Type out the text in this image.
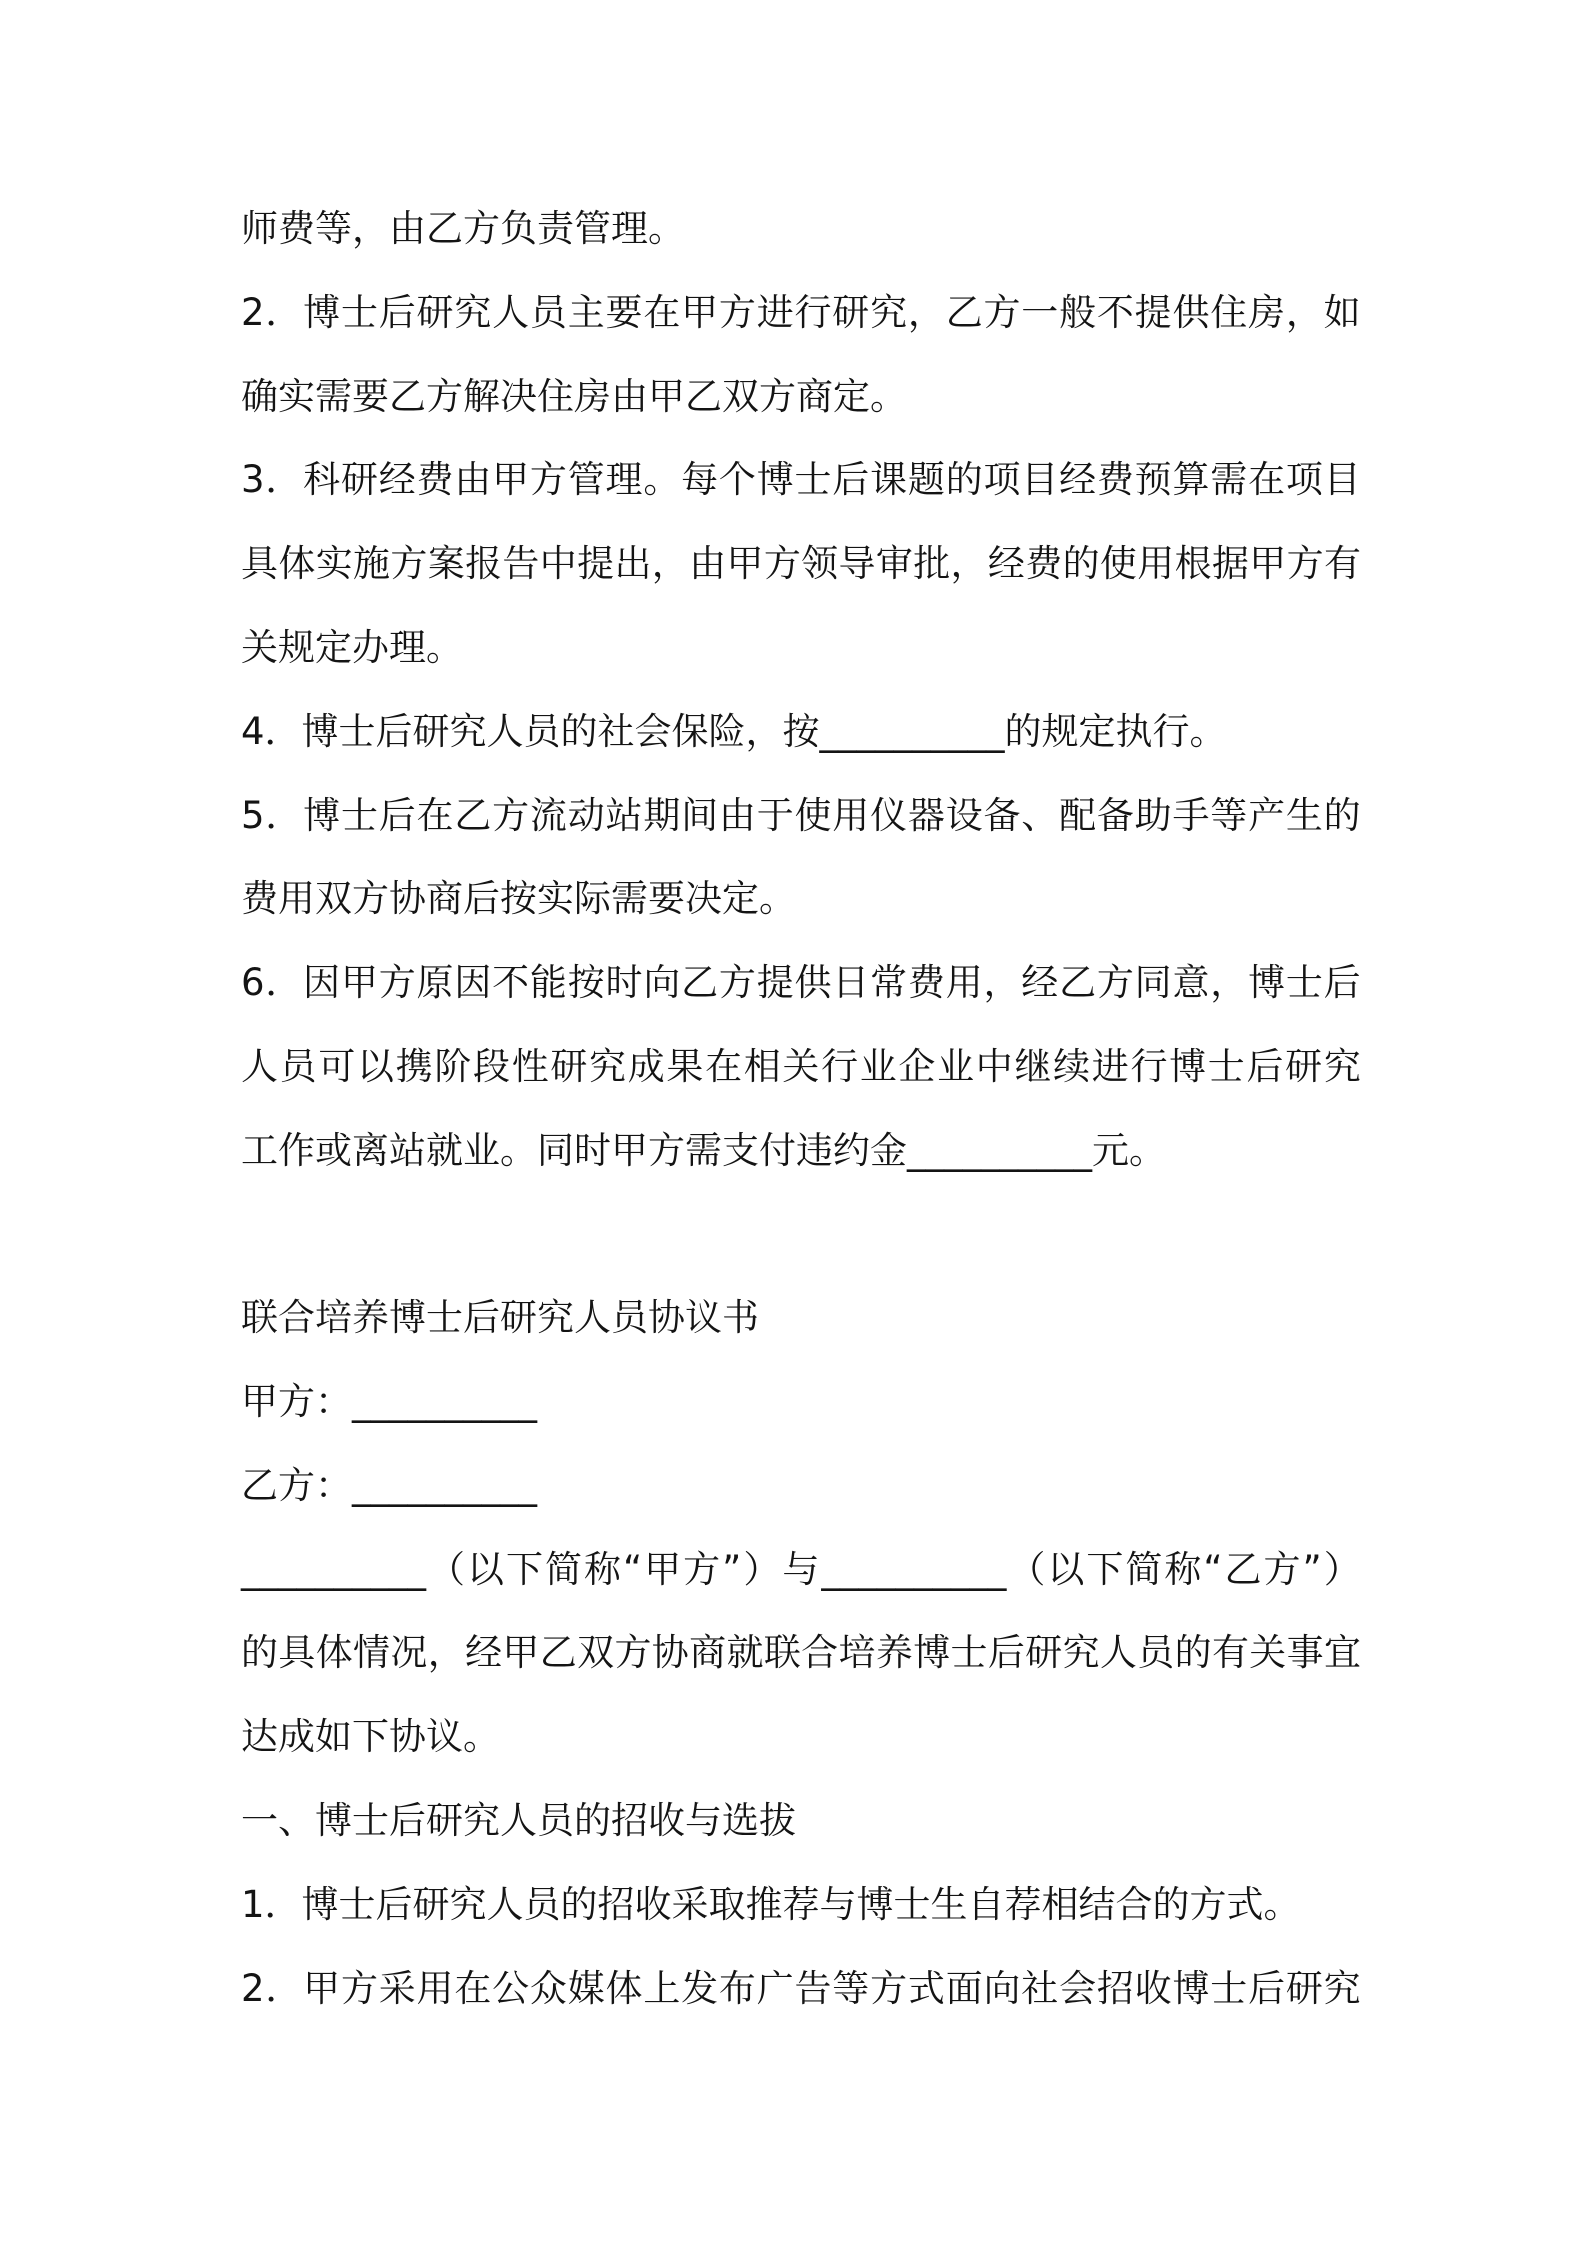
师费等，由乙方负责管理。
2 ． 博 士 后 研 究 人 员 主 要 在 甲 方 进 行 研 究 ， 乙 方 一 般 不 提 供 住 房 ， 如
确实需要乙方解决住房由甲乙双方商定。
3 ． 科 研 经 费 由 甲 方 管 理 。 每 个 博 士 后 课 题 的 项 目 经 费 预 算 需 在 项 目
具 体 实 施 方 案 报 告 中 提 出 ， 由 甲 方 领 导 审 批 ， 经 费 的 使 用 根 据 甲 方 有
关规定办理。
4．博士后研究人员的社会保险，按__________的规定执行。
5 ． 博 士 后 在 乙 方 流 动 站 期 间 由 于 使 用 仪 器 设 备 、 配 备 助 手 等 产 生 的
费用双方协商后按实际需要决定。
6 ． 因 甲 方 原 因 不 能 按 时 向 乙 方 提 供 日 常 费 用 ， 经 乙 方 同 意 ， 博 士 后
人 员 可 以 携 阶 段 性 研 究 成 果 在 相 关 行 业 企 业 中 继 续 进 行 博 士 后 研 究
工作或离站就业。同时甲方需支付违约金__________元。
联合培养博士后研究人员协议书
甲方：__________
乙方：__________
__________ （ 以 下 简 称 “ 甲 方 ” ） 与 __________ （ 以 下 简 称 “ 乙 方 ” ）
的 具 体 情 况 ， 经 甲 乙 双 方 协 商 就 联 合 培 养 博 士 后 研 究 人 员 的 有 关 事 宜
达成如下协议。
一、博士后研究人员的招收与选拔
1．博士后研究人员的招收采取推荐与博士生自荐相结合的方式。
2 ． 甲 方 采 用 在 公 众 媒 体 上 发 布 广 告 等 方 式 面 向 社 会 招 收 博 士 后 研 究
